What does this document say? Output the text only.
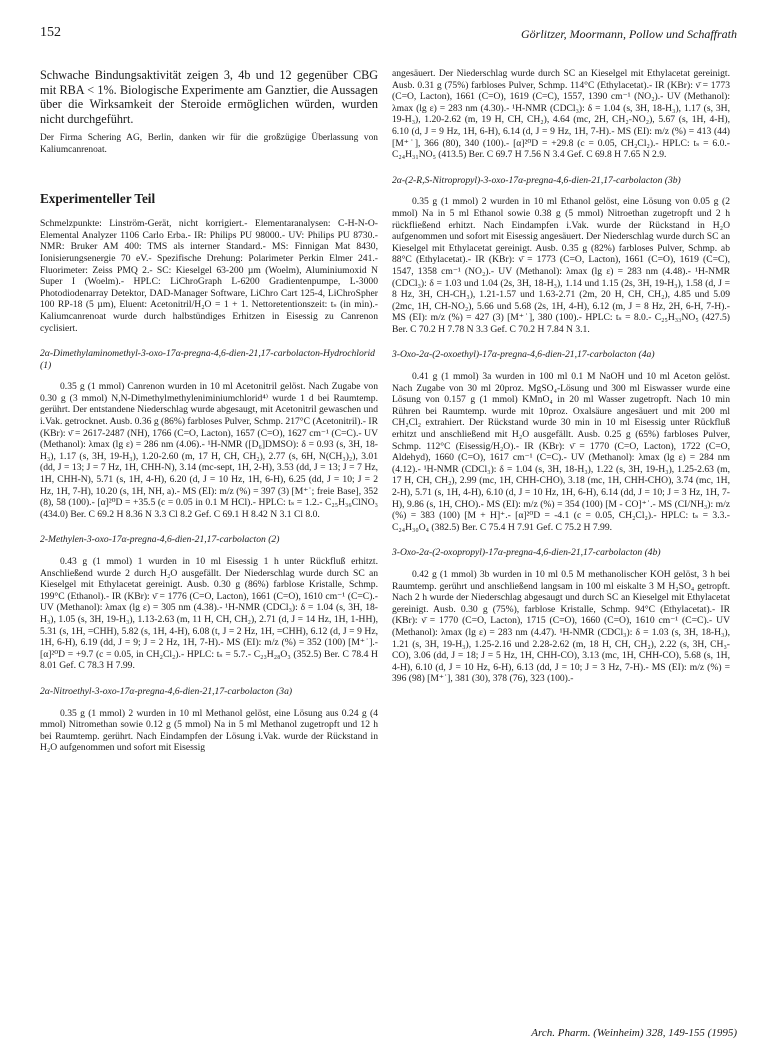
152	Görlitzer, Moormann, Pollow und Schaffrath

Schwache Bindungsaktivität zeigen 3, 4b und 12 gegenüber CBG mit RBA < 1%. Biologische Experimente am Ganztier, die Aussagen über die Wirksamkeit der Steroide ermöglichen würden, wurden nicht durchgeführt.

Der Firma Schering AG, Berlin, danken wir für die großzügige Überlassung von Kaliumcanrenoat.

Experimenteller Teil

Schmelzpunkte: Linström-Gerät, nicht korrigiert.- Elementaranalysen: C-H-N-O-Elemental Analyzer 1106 Carlo Erba.- IR: Philips PU 98000.- UV: Philips PU 8730.- NMR: Bruker AM 400: TMS als interner Standard.- MS: Finnigan Mat 8430, Ionisierungsenergie 70 eV.- Spezifische Drehung: Polarimeter Perkin Elmer 241.- Fluorimeter: Zeiss PMQ 2.- SC: Kieselgel 63-200 µm (Woelm), Aluminiumoxid N Super I (Woelm).- HPLC: LiChroGraph L-6200 Gradientenpumpe, L-3000 Photodiodenarray Detektor, DAD-Manager Software, LiChro Cart 125-4, LiChroSpher 100 RP-18 (5 µm), Eluent: Acetonitril/H₂O = 1 + 1. Nettoretentionszeit: tₛ (in min).- Kaliumcanrenoat wurde durch halbstündiges Erhitzen in Eisessig zu Canrenon cyclisiert.

2α-Dimethylaminomethyl-3-oxo-17α-pregna-4,6-dien-21,17-carbolacton-Hydrochlorid (1)

0.35 g (1 mmol) Canrenon wurden in 10 ml Acetonitril gelöst. Nach Zugabe von 0.30 g (3 mmol) N,N-Dimethylmethyleniminiumchlorid⁴⁾ wurde 1 d bei Raumtemp. gerührt. Der entstandene Niederschlag wurde abgesaugt, mit Acetonitril gewaschen und i.Vak. getrocknet. Ausb. 0.36 g (86%) farbloses Pulver, Schmp. 217°C (Acetonitril).- IR (KBr): ν̄ = 2617-2487 (NH), 1766 (C=O, Lacton), 1657 (C=O), 1627 cm⁻¹ (C=C).- UV (Methanol): λmax (lg ε) = 286 nm (4.06).- ¹H-NMR ([D₆]DMSO): δ = 0.93 (s, 3H, 18-H₃), 1.17 (s, 3H, 19-H₃), 1.20-2.60 (m, 17 H, CH, CH₂), 2.77 (s, 6H, N(CH₃)₂), 3.01 (dd, J = 13; J = 7 Hz, 1H, CHH-N), 3.14 (mc-sept, 1H, 2-H), 3.53 (dd, J = 13; J = 7 Hz, 1H, CHH-N), 5.71 (s, 1H, 4-H), 6.20 (d, J = 10 Hz, 1H, 6-H), 6.25 (dd, J = 10; J = 2 Hz, 1H, 7-H), 10.20 (s, 1H, NH, a).- MS (EI): m/z (%) = 397 (3) [M⁺˙; freie Base], 352 (8), 58 (100).- [α]²⁰D = +35.5 (c = 0.05 in 0.1 M HCl).- HPLC: tₛ = 1.2.- C₂₅H₃₆ClNO₃ (434.0) Ber. C 69.2 H 8.36 N 3.3 Cl 8.2 Gef. C 69.1 H 8.42 N 3.1 Cl 8.0.

2-Methylen-3-oxo-17α-pregna-4,6-dien-21,17-carbolacton (2)

0.43 g (1 mmol) 1 wurden in 10 ml Eisessig 1 h unter Rückfluß erhitzt. Anschließend wurde 2 durch H₂O ausgefällt. Der Niederschlag wurde durch SC an Kieselgel mit Ethylacetat gereinigt. Ausb. 0.30 g (86%) farblose Kristalle, Schmp. 199°C (Ethanol).- IR (KBr): ν̄ = 1776 (C=O, Lacton), 1661 (C=O), 1610 cm⁻¹ (C=C).- UV (Methanol): λmax (lg ε) = 305 nm (4.38).- ¹H-NMR (CDCl₃): δ = 1.04 (s, 3H, 18-H₃), 1.05 (s, 3H, 19-H₃), 1.13-2.63 (m, 11 H, CH, CH₂), 2.71 (d, J = 14 Hz, 1H, 1-HH), 5.31 (s, 1H, =CHH), 5.82 (s, 1H, 4-H), 6.08 (t, J = 2 Hz, 1H, =CHH), 6.12 (d, J = 9 Hz, 1H, 6-H), 6.19 (dd, J = 9; J = 2 Hz, 1H, 7-H).- MS (EI): m/z (%) = 352 (100) [M⁺˙].- [α]²⁰D = +9.7 (c = 0.05, in CH₂Cl₂).- HPLC: tₛ = 5.7.- C₂₃H₂₈O₃ (352.5) Ber. C 78.4 H 8.01 Gef. C 78.3 H 7.99.

2α-Nitroethyl-3-oxo-17α-pregna-4,6-dien-21,17-carbolacton (3a)

0.35 g (1 mmol) 2 wurden in 10 ml Methanol gelöst, eine Lösung aus 0.24 g (4 mmol) Nitromethan sowie 0.12 g (5 mmol) Na in 5 ml Methanol zugetropft und 12 h bei Raumtemp. gerührt. Nach Eindampfen der Lösung i.Vak. wurde der Rückstand in H₂O aufgenommen und sofort mit Eisessig

angesäuert. Der Niederschlag wurde durch SC an Kieselgel mit Ethylacetat gereinigt. Ausb. 0.31 g (75%) farbloses Pulver, Schmp. 114°C (Ethylacetat).- IR (KBr): ν̄ = 1773 (C=O, Lacton), 1661 (C=O), 1619 (C=C), 1557, 1390 cm⁻¹ (NO₂).- UV (Methanol): λmax (lg ε) = 283 nm (4.30).- ¹H-NMR (CDCl₃): δ = 1.04 (s, 3H, 18-H₃), 1.17 (s, 3H, 19-H₃), 1.20-2.62 (m, 19 H, CH, CH₂), 4.64 (mc, 2H, CH₂-NO₂), 5.67 (s, 1H, 4-H), 6.10 (d, J = 9 Hz, 1H, 6-H), 6.14 (d, J = 9 Hz, 1H, 7-H).- MS (EI): m/z (%) = 413 (44) [M⁺˙], 366 (80), 340 (100).- [α]²⁰D = +29.8 (c = 0.05, CH₂Cl₂).- HPLC: tₛ = 6.0.- C₂₄H₃₁NO₅ (413.5) Ber. C 69.7 H 7.56 N 3.4 Gef. C 69.8 H 7.65 N 2.9.

2α-(2-R,S-Nitropropyl)-3-oxo-17α-pregna-4,6-dien-21,17-carbolacton (3b)

0.35 g (1 mmol) 2 wurden in 10 ml Ethanol gelöst, eine Lösung von 0.05 g (2 mmol) Na in 5 ml Ethanol sowie 0.38 g (5 mmol) Nitroethan zugetropft und 2 h rückfließend erhitzt. Nach Eindampfen i.Vak. wurde der Rückstand in H₂O aufgenommen und sofort mit Eisessig angesäuert. Der Niederschlag wurde durch SC an Kieselgel mit Ethylacetat gereinigt. Ausb. 0.35 g (82%) farbloses Pulver, Schmp. ab 88°C (Ethylacetat).- IR (KBr): ν̄ = 1773 (C=O, Lacton), 1661 (C=O), 1619 (C=C), 1547, 1358 cm⁻¹ (NO₂).- UV (Methanol): λmax (lg ε) = 283 nm (4.48).- ¹H-NMR (CDCl₃): δ = 1.03 und 1.04 (2s, 3H, 18-H₃), 1.14 und 1.15 (2s, 3H, 19-H₃), 1.58 (d, J = 8 Hz, 3H, CH-CH₃), 1.21-1.57 und 1.63-2.71 (2m, 20 H, CH, CH₂), 4.85 und 5.09 (2mc, 1H, CH-NO₂), 5.66 und 5.68 (2s, 1H, 4-H), 6.12 (m, J = 8 Hz, 2H, 6-H, 7-H).- MS (EI): m/z (%) = 427 (3) [M⁺˙], 380 (100).- HPLC: tₛ = 8.0.- C₂₅H₃₃NO₅ (427.5) Ber. C 70.2 H 7.78 N 3.3 Gef. C 70.2 H 7.84 N 3.1.

3-Oxo-2α-(2-oxoethyl)-17α-pregna-4,6-dien-21,17-carbolacton (4a)

0.41 g (1 mmol) 3a wurden in 100 ml 0.1 M NaOH und 10 ml Aceton gelöst. Nach Zugabe von 30 ml 20proz. MgSO₄-Lösung und 300 ml Eiswasser wurde eine Lösung von 0.157 g (1 mmol) KMnO₄ in 20 ml Wasser zugetropft. Nach 10 min Rühren bei Raumtemp. wurde mit 10proz. Oxalsäure angesäuert und mit 200 ml CH₂Cl₂ extrahiert. Der Rückstand wurde 30 min in 10 ml Eisessig unter Rückfluß erhitzt und anschließend mit H₂O ausgefällt. Ausb. 0.25 g (65%) farbloses Pulver, Schmp. 112°C (Eisessig/H₂O).- IR (KBr): ν̄ = 1770 (C=O, Lacton), 1722 (C=O, Aldehyd), 1660 (C=O), 1617 cm⁻¹ (C=C).- UV (Methanol): λmax (lg ε) = 284 nm (4.12).- ¹H-NMR (CDCl₃): δ = 1.04 (s, 3H, 18-H₃), 1.22 (s, 3H, 19-H₃), 1.25-2.63 (m, 17 H, CH, CH₂), 2.99 (mc, 1H, CHH-CHO), 3.18 (mc, 1H, CHH-CHO), 3.74 (mc, 1H, 2-H), 5.71 (s, 1H, 4-H), 6.10 (d, J = 10 Hz, 1H, 6-H), 6.14 (dd, J = 10; J = 3 Hz, 1H, 7-H), 9.86 (s, 1H, CHO).- MS (EI): m/z (%) = 354 (100) [M - CO]⁺˙.- MS (CI/NH₃): m/z (%) = 383 (100) [M + H]⁺.- [α]²⁰D = -4.1 (c = 0.05, CH₂Cl₂).- HPLC: tₛ = 3.3.- C₂₄H₃₀O₄ (382.5) Ber. C 75.4 H 7.91 Gef. C 75.2 H 7.99.

3-Oxo-2α-(2-oxopropyl)-17α-pregna-4,6-dien-21,17-carbolacton (4b)

0.42 g (1 mmol) 3b wurden in 10 ml 0.5 M methanolischer KOH gelöst, 3 h bei Raumtemp. gerührt und anschließend langsam in 100 ml eiskalte 3 M H₂SO₄ getropft. Nach 2 h wurde der Niederschlag abgesaugt und durch SC an Kieselgel mit Ethylacetat gereinigt. Ausb. 0.30 g (75%), farblose Kristalle, Schmp. 94°C (Ethylacetat).- IR (KBr): ν̄ = 1770 (C=O, Lacton), 1715 (C=O), 1660 (C=O), 1610 cm⁻¹ (C=C).- UV (Methanol): λmax (lg ε) = 283 nm (4.47). ¹H-NMR (CDCl₃): δ = 1.03 (s, 3H, 18-H₃), 1.21 (s, 3H, 19-H₃), 1.25-2.16 und 2.28-2.62 (m, 18 H, CH, CH₂), 2.22 (s, 3H, CH₃-CO), 3.06 (dd, J = 18; J = 5 Hz, 1H, CHH-CO), 3.13 (mc, 1H, CHH-CO), 5.68 (s, 1H, 4-H), 6.10 (d, J = 10 Hz, 6-H), 6.13 (dd, J = 10; J = 3 Hz, 7-H).- MS (EI): m/z (%) = 396 (98) [M⁺˙], 381 (30), 378 (76), 323 (100).-

Arch. Pharm. (Weinheim) 328, 149-155 (1995)
